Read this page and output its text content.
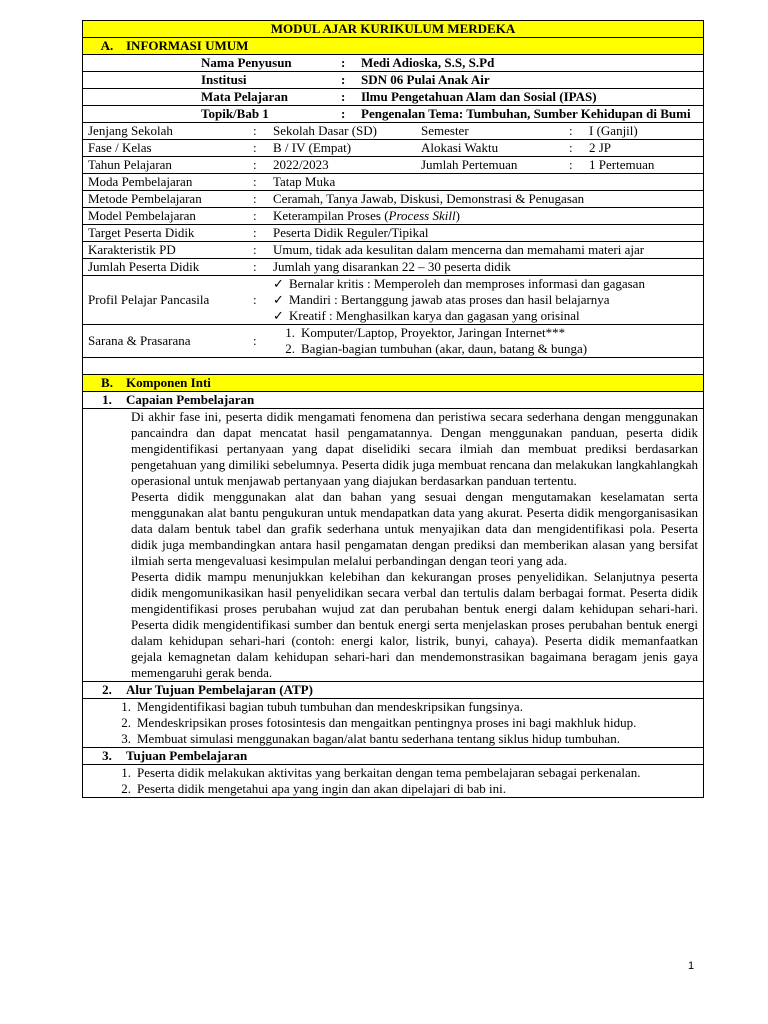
MODUL AJAR KURIKULUM MERDEKA

A. INFORMASI UMUM

Nama Penyusun	:	Medi Adioska, S.S, S.Pd

Institusi	:	SDN 06 Pulai Anak Air

Mata Pelajaran	:	Ilmu Pengetahuan Alam dan Sosial (IPAS)

Topik/Bab 1	:	Pengenalan Tema: Tumbuhan, Sumber Kehidupan di Bumi

Jenjang Sekolah	:	Sekolah Dasar (SD)	Semester	:	I (Ganjil)

Fase / Kelas	:	B / IV (Empat)	Alokasi Waktu	:	2 JP

Tahun Pelajaran	:	2022/2023	Jumlah Pertemuan	:	1 Pertemuan

Moda Pembelajaran	:	Tatap Muka

Metode Pembelajaran	:	Ceramah, Tanya Jawab, Diskusi, Demonstrasi & Penugasan

Model Pembelajaran	:	Keterampilan Proses (Process Skill)

Target Peserta Didik	:	Peserta Didik Reguler/Tipikal

Karakteristik PD	:	Umum, tidak ada kesulitan dalam mencerna dan memahami materi ajar

Jumlah Peserta Didik	:	Jumlah yang disarankan 22 – 30 peserta didik

Profil Pelajar Pancasila	:
✓ Bernalar kritis : Memperoleh dan memproses informasi dan gagasan
✓ Mandiri : Bertanggung jawab atas proses dan hasil belajarnya
✓ Kreatif : Menghasilkan karya dan gagasan yang orisinal

Sarana & Prasarana	:
1. Komputer/Laptop, Proyektor, Jaringan Internet***
2. Bagian-bagian tumbuhan (akar, daun, batang & bunga)

B.	Komponen Inti

1.	Capaian Pembelajaran

Di akhir fase ini, peserta didik mengamati fenomena dan peristiwa secara sederhana dengan menggunakan pancaindra dan dapat mencatat hasil pengamatannya. Dengan menggunakan panduan, peserta didik mengidentifikasi pertanyaan yang dapat diselidiki secara ilmiah dan membuat prediksi berdasarkan pengetahuan yang dimiliki sebelumnya. Peserta didik juga membuat rencana dan melakukan langkahlangkah operasional untuk menjawab pertanyaan yang diajukan berdasarkan panduan tertentu.

Peserta didik menggunakan alat dan bahan yang sesuai dengan mengutamakan keselamatan serta menggunakan alat bantu pengukuran untuk mendapatkan data yang akurat. Peserta didik mengorganisasikan data dalam bentuk tabel dan grafik sederhana untuk menyajikan data dan mengidentifikasi pola. Peserta didik juga membandingkan antara hasil pengamatan dengan prediksi dan memberikan alasan yang bersifat ilmiah serta mengevaluasi kesimpulan melalui perbandingan dengan teori yang ada.

Peserta didik mampu menunjukkan kelebihan dan kekurangan proses penyelidikan. Selanjutnya peserta didik mengomunikasikan hasil penyelidikan secara verbal dan tertulis dalam berbagai format. Peserta didik mengidentifikasi proses perubahan wujud zat dan perubahan bentuk energi dalam kehidupan sehari-hari. Peserta didik mengidentifikasi sumber dan bentuk energi serta menjelaskan proses perubahan bentuk energi dalam kehidupan sehari-hari (contoh: energi kalor, listrik, bunyi, cahaya). Peserta didik memanfaatkan gejala kemagnetan dalam kehidupan sehari-hari dan mendemonstrasikan bagaimana beragam jenis gaya memengaruhi gerak benda.

2.	Alur Tujuan Pembelajaran (ATP)

1. Mengidentifikasi bagian tubuh tumbuhan dan mendeskripsikan fungsinya.
2. Mendeskripsikan proses fotosintesis dan mengaitkan pentingnya proses ini bagi makhluk hidup.
3. Membuat simulasi menggunakan bagan/alat bantu sederhana tentang siklus hidup tumbuhan.

3.	Tujuan Pembelajaran

1. Peserta didik melakukan aktivitas yang berkaitan dengan tema pembelajaran sebagai perkenalan.
2. Peserta didik mengetahui apa yang ingin dan akan dipelajari di bab ini.
1
